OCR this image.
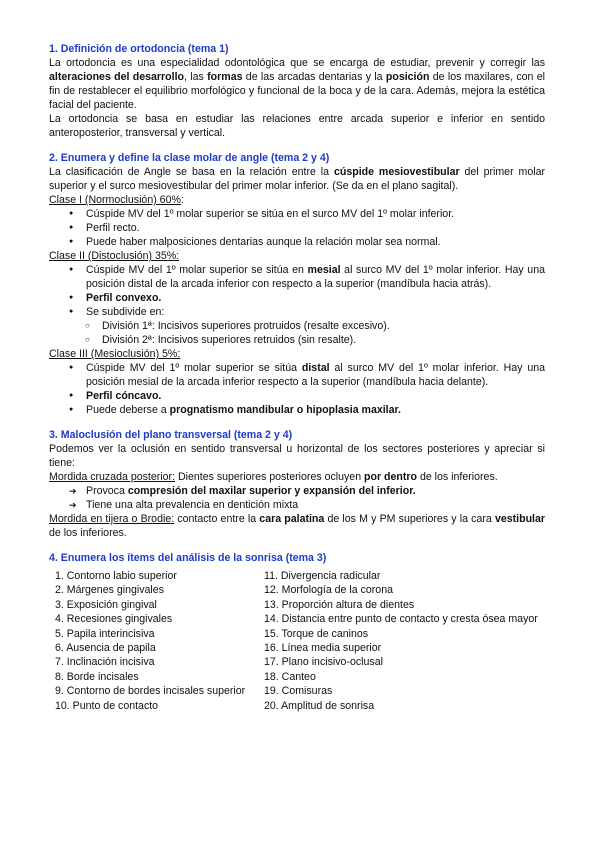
1. Definición de ortodoncia (tema 1)

La ortodoncia es una especialidad odontológica que se encarga de estudiar, prevenir y corregir las alteraciones del desarrollo, las formas de las arcadas dentarias y la posición de los maxilares, con el fin de restablecer el equilibrio morfológico y funcional de la boca y de la cara. Además, mejora la estética facial del paciente.

La ortodoncia se basa en estudiar las relaciones entre arcada superior e inferior en sentido anteroposterior, transversal y vertical.

2. Enumera y define la clase molar de angle (tema 2 y 4)

La clasificación de Angle se basa en la relación entre la cúspide mesiovestibular del primer molar superior y el surco mesiovestibular del primer molar inferior. (Se da en el plano sagital).

Clase I (Normoclusión) 60%:

● Cúspide MV del 1º molar superior se sitúa en el surco MV del 1º molar inferior.
● Perfil recto.
● Puede haber malposiciones dentarias aunque la relación molar sea normal.

Clase II (Distoclusión) 35%:

● Cúspide MV del 1º molar superior se sitúa en mesial al surco MV del 1º molar inferior. Hay una posición distal de la arcada inferior con respecto a la superior (mandíbula hacia atrás).
● Perfil convexo.
● Se subdivide en:
○ División 1ª: Incisivos superiores protruidos (resalte excesivo).
○ División 2ª: Incisivos superiores retruidos (sin resalte).

Clase III (Mesioclusión) 5%:

● Cúspide MV del 1º molar superior se sitúa distal al surco MV del 1º molar inferior. Hay una posición mesial de la arcada inferior respecto a la superior (mandíbula hacia delante).
● Perfil cóncavo.
● Puede deberse a prognatismo mandibular o hipoplasia maxilar.
3. Maloclusión del plano transversal (tema 2 y 4)

Podemos ver la oclusión en sentido transversal u horizontal de los sectores posteriores y apreciar si tiene:

Mordida cruzada posterior: Dientes superiores posteriores ocluyen por dentro de los inferiores.

➔ Provoca compresión del maxilar superior y expansión del inferior.
➔ Tiene una alta prevalencia en dentición mixta

Mordida en tijera o Brodie: contacto entre la cara palatina de los M y PM superiores y la cara vestibular de los inferiores.

4. Enumera los ítems del análisis de la sonrisa (tema 3)
1. Contorno labio superior
2. Márgenes gingivales
3. Exposición gingival
4. Recesiones gingivales
5. Papila interincisiva
6. Ausencia de papila
7. Inclinación incisiva
8. Borde incisales
9. Contorno de bordes incisales superior
10. Punto de contacto
11. Divergencia radicular
12. Morfología de la corona
13. Proporción altura de dientes
14. Distancia entre punto de contacto y cresta ósea mayor
15. Torque de caninos
16. Línea media superior
17. Plano incisivo-oclusal
18. Canteo
19. Comisuras
20. Amplitud de sonrisa
